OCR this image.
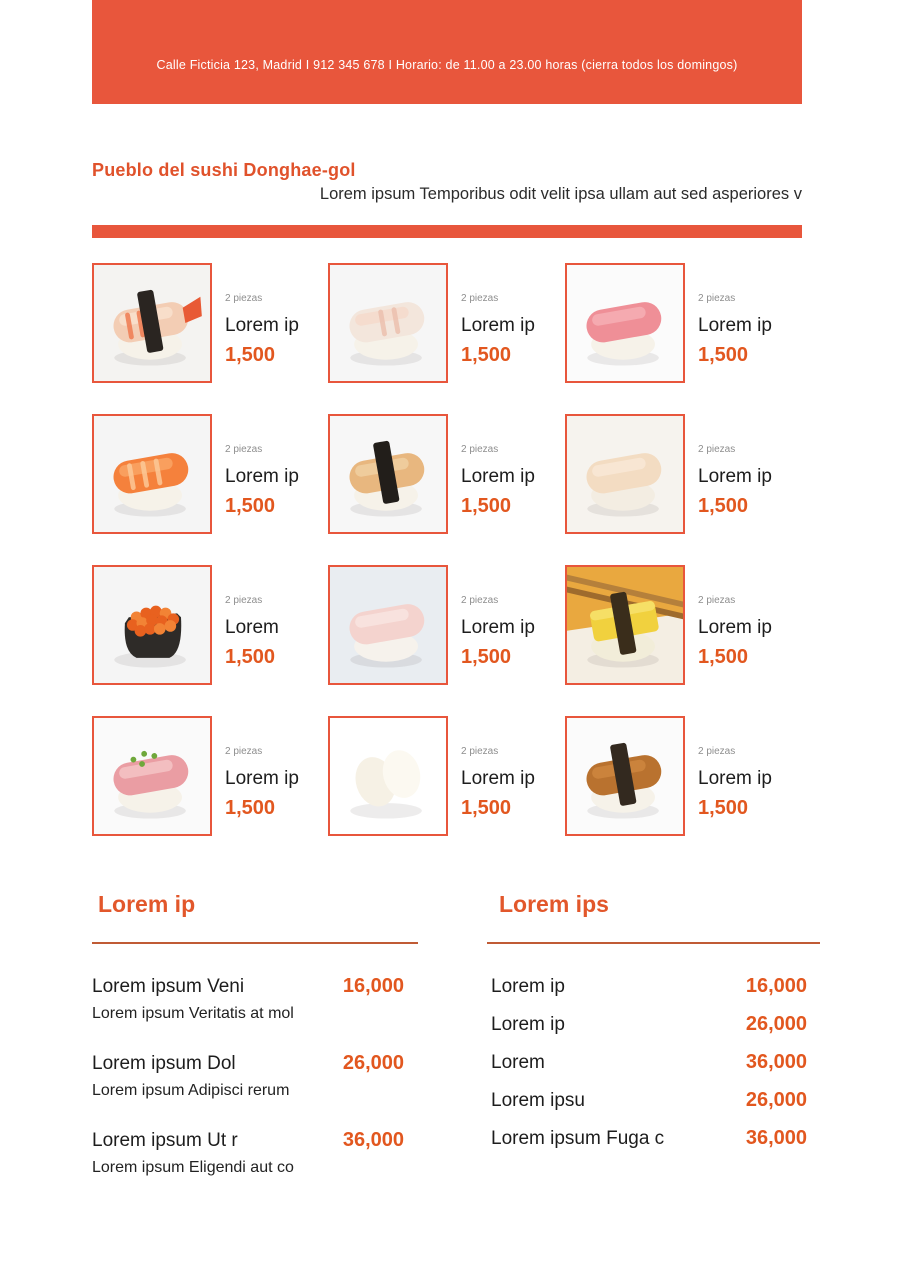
Calle Ficticia 123, Madrid I 912 345 678 I Horario: de 11.00 a 23.00 horas (cierra todos los domingos)
Pueblo del sushi Donghae-gol
Lorem ipsum Temporibus odit velit ipsa ullam aut sed asperiores v
2 piezas
Lorem ip
1,500
2 piezas
Lorem ip
1,500
2 piezas
Lorem ip
1,500
2 piezas
Lorem ip
1,500
2 piezas
Lorem ip
1,500
2 piezas
Lorem ip
1,500
2 piezas
Lorem
1,500
2 piezas
Lorem ip
1,500
2 piezas
Lorem ip
1,500
2 piezas
Lorem ip
1,500
2 piezas
Lorem ip
1,500
2 piezas
Lorem ip
1,500
Lorem ip
Lorem ipsum Veni	16,000
Lorem ipsum Veritatis at mol
Lorem ipsum Dol	26,000
Lorem ipsum Adipisci rerum
Lorem ipsum Ut r	36,000
Lorem ipsum Eligendi aut co
Lorem ips
Lorem ip	16,000
Lorem ip	26,000
Lorem	36,000
Lorem ipsu	26,000
Lorem ipsum Fuga c	36,000
